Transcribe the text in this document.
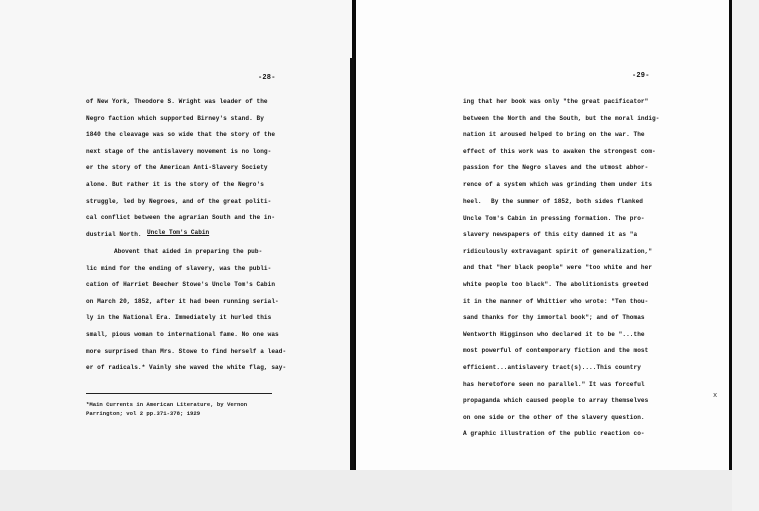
-28-
of New York, Theodore S. Wright was leader of the
Negro faction which supported Birney's stand. By
1840 the cleavage was so wide that the story of the
next stage of the antislavery movement is no long-
er the story of the American Anti-Slavery Society
alone. But rather it is the story of the Negro's
struggle, led by Negroes, and of the great politi-
cal conflict between the agrarian South and the in-
dustrial North. Uncle Tom's Cabin
Abovent that aided in preparing the pub-
lic mind for the ending of slavery, was the publi-
cation of Harriet Beecher Stowe's Uncle Tom's Cabin
on March 20, 1852, after it had been running serial-
ly in the National Era. Immediately it hurled this
small, pious woman to international fame. No one was
more surprised than Mrs. Stowe to find herself a lead-
er of radicals.* Vainly she waved the white flag, say-
*Main Currents in American Literature, by Vernon
Parrington; vol 2 pp.371-378; 1929
-29-
ing that her book was only "the great pacificator"
between the North and the South, but the moral indig-
nation it aroused helped to bring on the war. The
effect of this work was to awaken the strongest com-
passion for the Negro slaves and the utmost abhor-
rence of a system which was grinding them under its
heel.	By the summer of 1852, both sides flanked
Uncle Tom's Cabin in pressing formation. The pro-
slavery newspapers of this city damned it as "a
ridiculously extravagant spirit of generalization,"
and that "her black people" were "too white and her
white people too black". The abolitionists greeted
it in the manner of Whittier who wrote: "Ten thou-
sand thanks for thy immortal book"; and of Thomas
Wentworth Higginson who declared it to be "...the
most powerful of contemporary fiction and the most
efficient...antislavery tract(s)....This country
has heretofore seen no parallel." It was forceful
propaganda which caused people to array themselves
on one side or the other of the slavery question.
A graphic illustration of the public reaction co-
x
